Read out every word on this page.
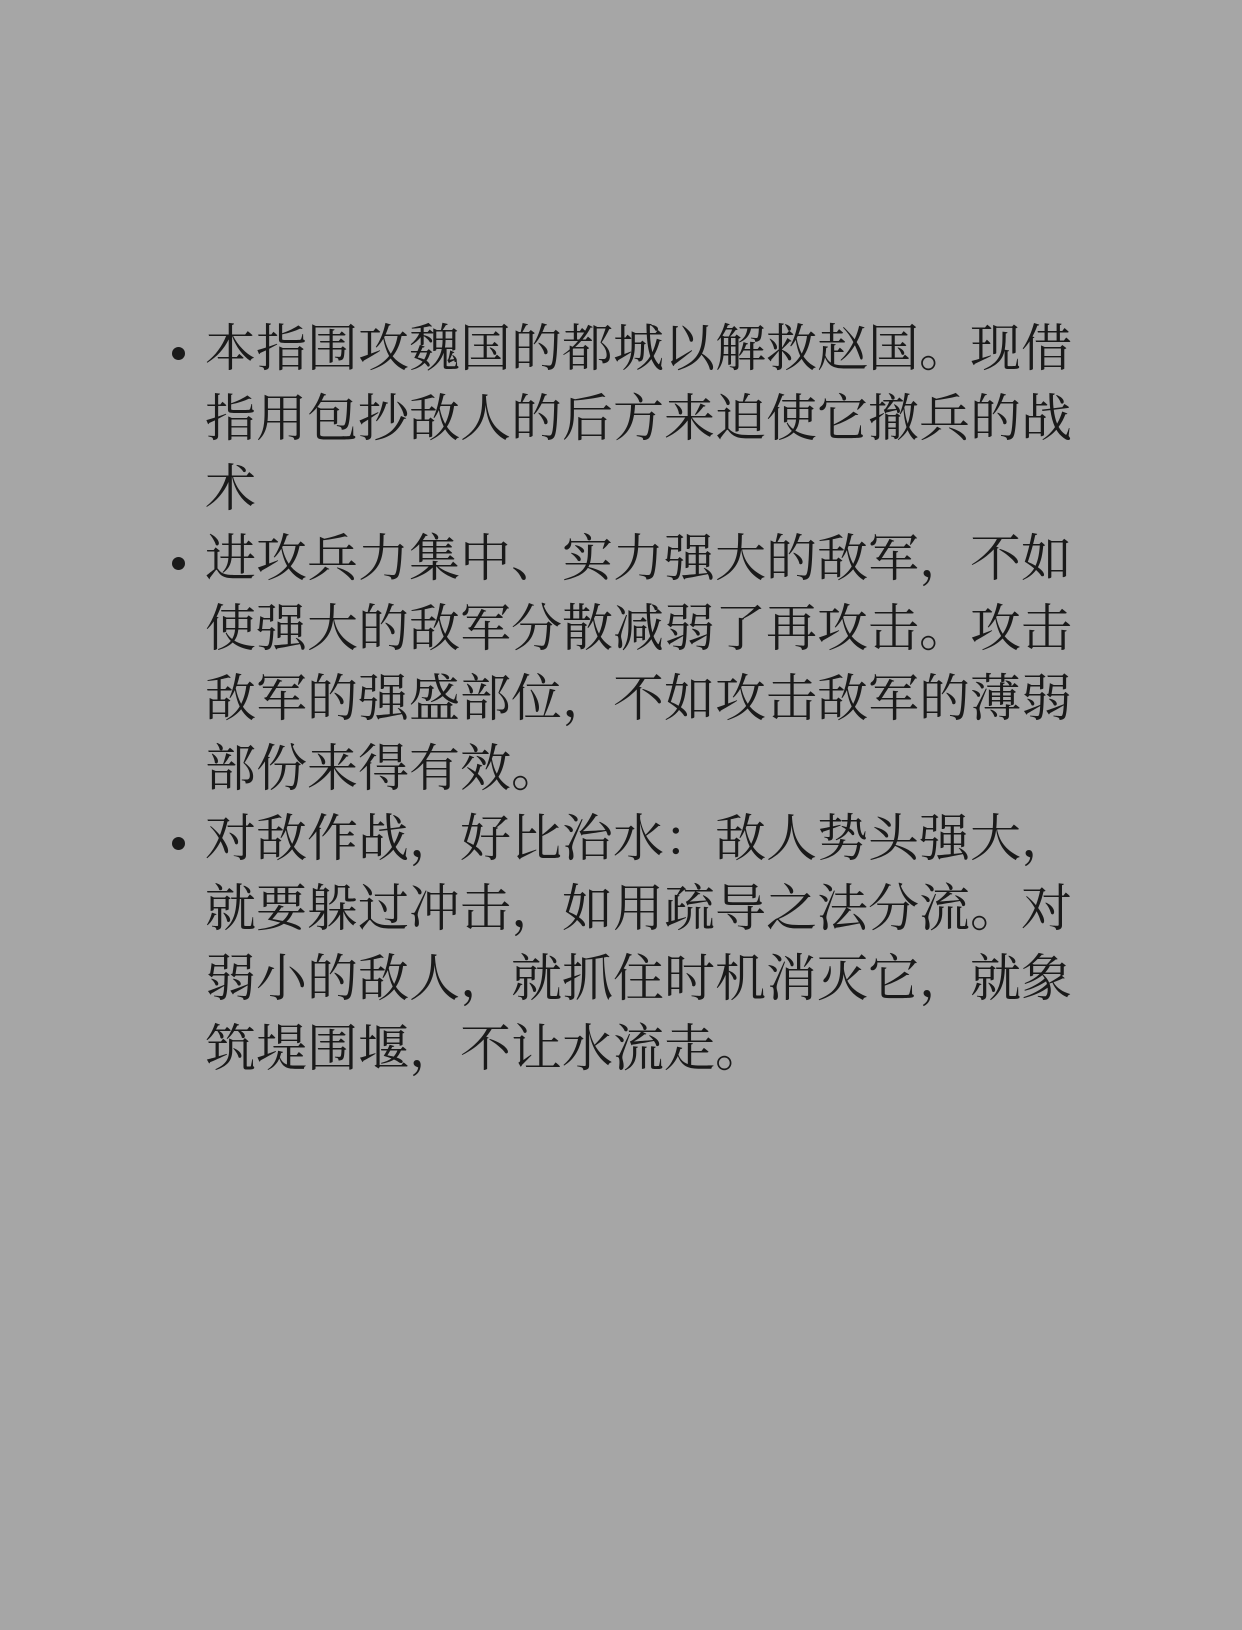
• 本指围攻魏国的都城以解救赵国。现借指用包抄敌人的后方来迫使它撤兵的战术
• 进攻兵力集中、实力强大的敌军，不如使强大的敌军分散减弱了再攻击。攻击敌军的强盛部位，不如攻击敌军的薄弱部份来得有效。
• 对敌作战，好比治水：敌人势头强大，就要躲过冲击，如用疏导之法分流。对弱小的敌人，就抓住时机消灭它，就象筑堤围堰，不让水流走。
